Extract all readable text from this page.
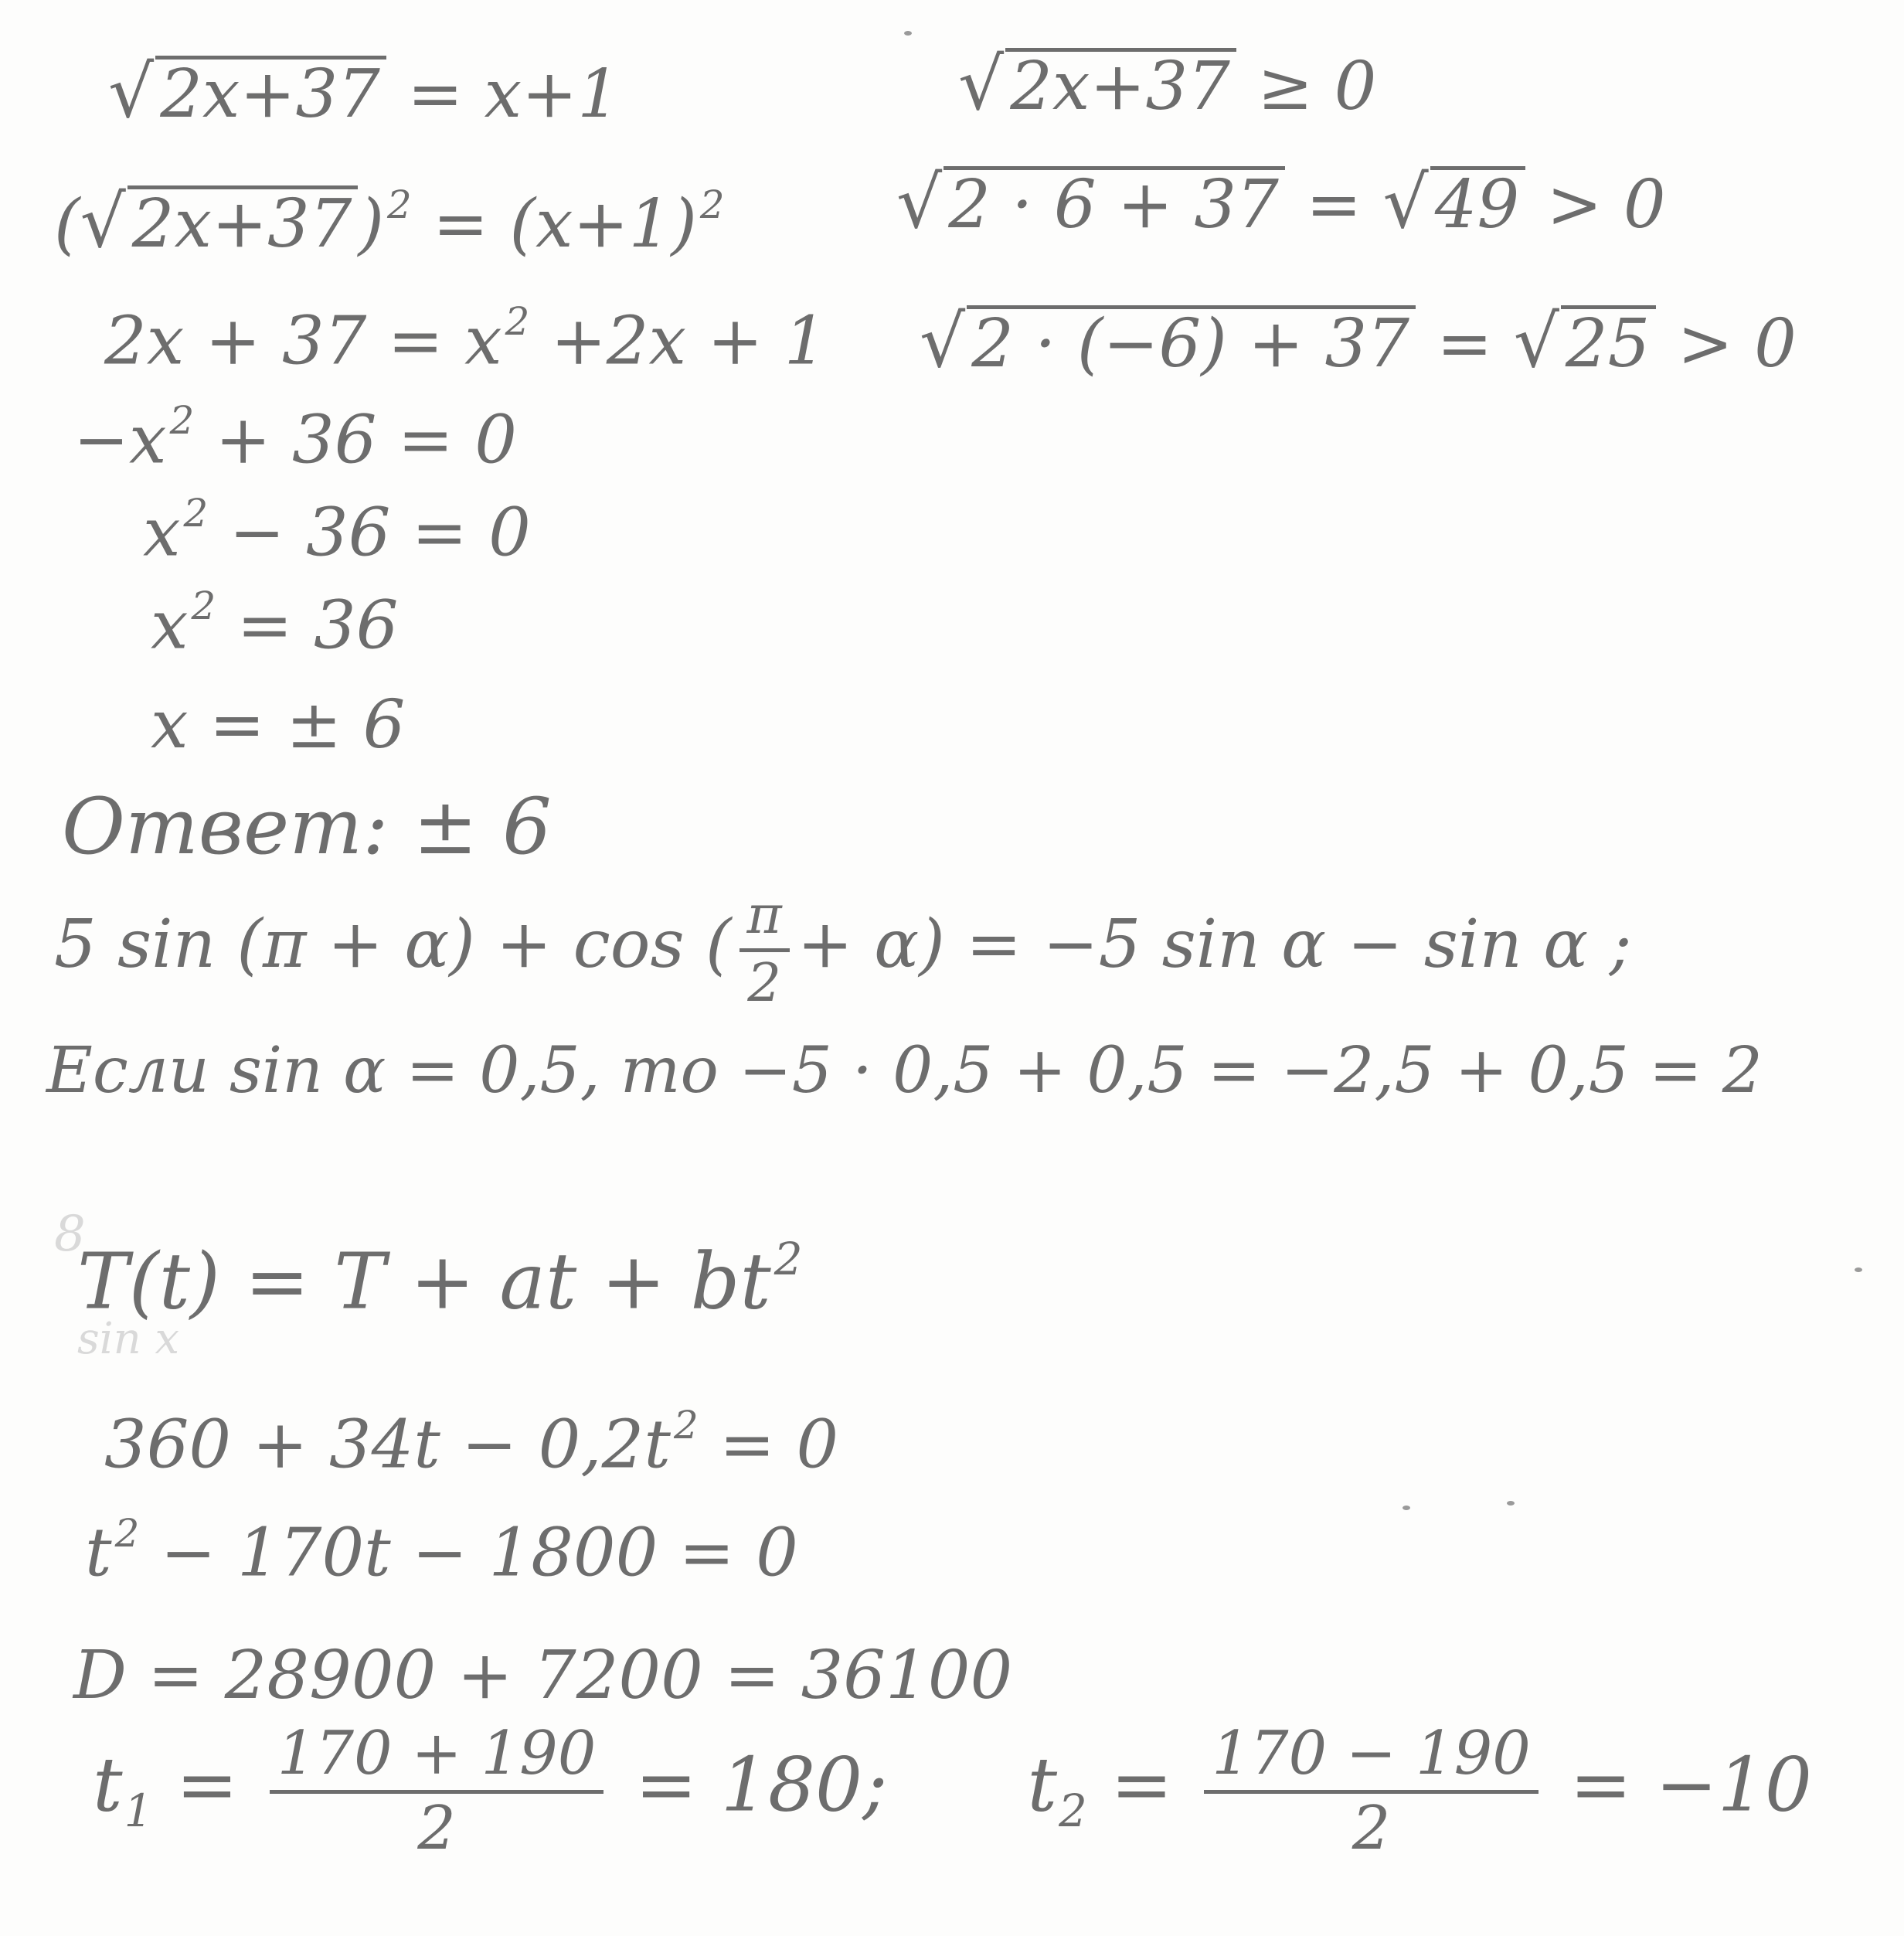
8
sin x
√2x+37 = x+1
$(√2x+37)^2 = (x+1)^2$
$2x + 37 = x^2 +2x + 1$
$-x^2 + 36 = 0$
$x^2 - 36 = 0$
$x^2 = 36$
x = ± 6
Ответ: ± 6
√2x+37 ≥ 0
√2 · 6 + 37 = √49 > 0
√2 · (−6) + 37 = √25 > 0
5 sin (π + α) + cos ( $\frac{\pi}{2} + \alpha) = -5$ sin α − sin α ;
Если sin α = 0,5, то −5 · 0,5 + 0,5 = −2,5 + 0,5 = 2
T(t) = T + at + $bt^2$
$360 + 34t - 0,2t^2 = 0$
$t^2 - 170t - 1800 = 0$
D = 28900 + 7200 = 36100
$t_1 = \frac{170 + 190}{2} = 180$; $t_2 = \frac{170 - 190}{2} = -10$
